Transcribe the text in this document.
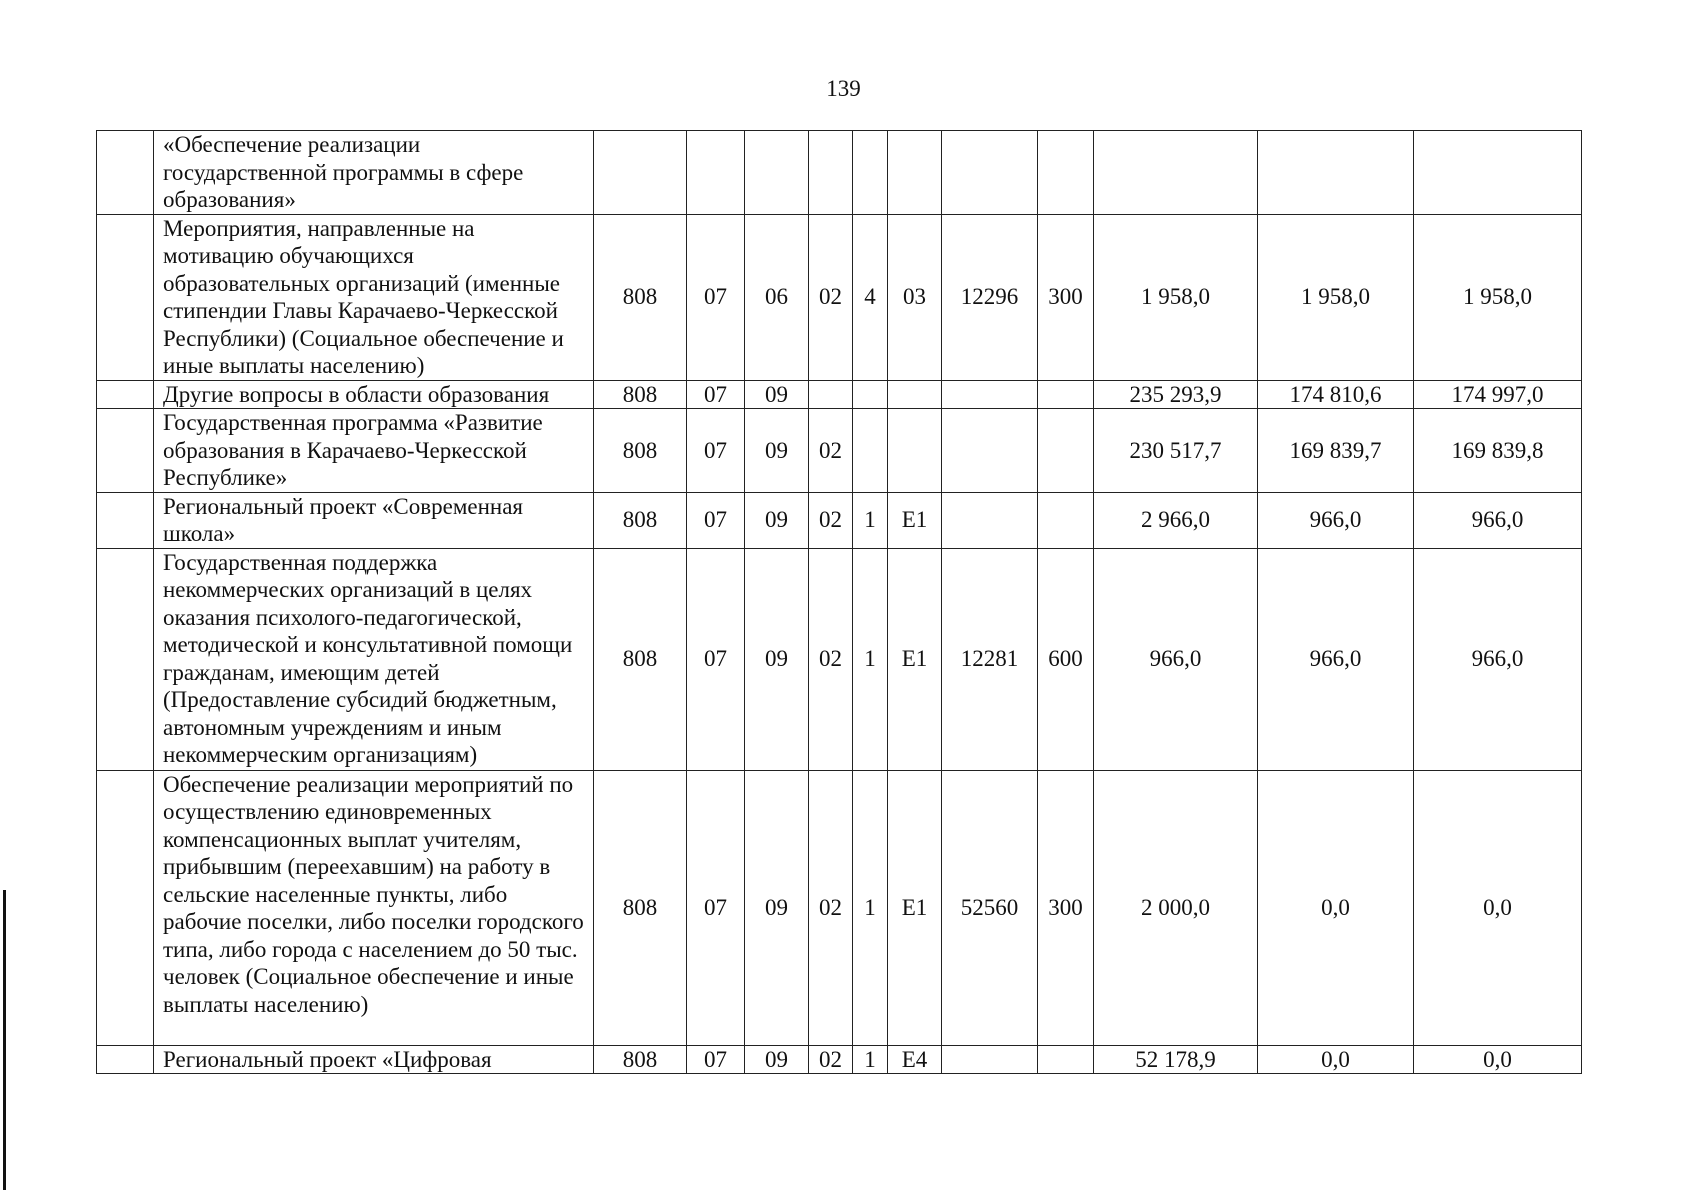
139
	«Обеспечение реализации государственной программы в сфере образования»											
	Мероприятия, направленные на мотивацию обучающихся образовательных организаций (именные стипендии Главы Карачаево-Черкесской Республики) (Социальное обеспечение и иные выплаты населению)	808	07	06	02	4	03	12296	300	1 958,0	1 958,0	1 958,0
	Другие вопросы в области образования	808	07	09						235 293,9	174 810,6	174 997,0
	Государственная программа «Развитие образования в Карачаево-Черкесской Республике»	808	07	09	02					230 517,7	169 839,7	169 839,8
	Региональный проект «Современная школа»	808	07	09	02	1	E1			2 966,0	966,0	966,0
	Государственная поддержка некоммерческих организаций в целях оказания психолого-педагогической, методической и консультативной помощи гражданам, имеющим детей (Предоставление субсидий бюджетным, автономным учреждениям и иным некоммерческим организациям)	808	07	09	02	1	E1	12281	600	966,0	966,0	966,0
	Обеспечение реализации мероприятий по осуществлению единовременных компенсационных выплат учителям, прибывшим (переехавшим) на работу в сельские населенные пункты, либо рабочие поселки, либо поселки городского типа, либо города с населением до 50 тыс. человек (Социальное обеспечение и иные выплаты населению)	808	07	09	02	1	E1	52560	300	2 000,0	0,0	0,0
	Региональный проект «Цифровая	808	07	09	02	1	E4			52 178,9	0,0	0,0
